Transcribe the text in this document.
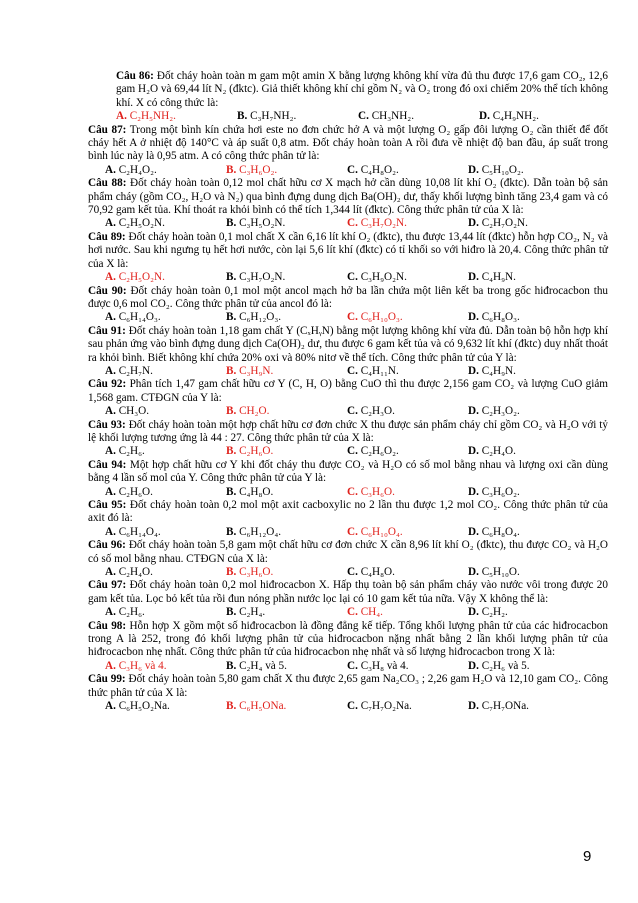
Câu 86: Đốt cháy hoàn toàn m gam một amin X bằng lượng không khí vừa đủ thu được 17,6 gam CO₂, 12,6 gam H₂O và 69,44 lít N₂ (đktc). Giả thiết không khí chỉ gồm N₂ và O₂ trong đó oxi chiếm 20% thể tích không khí. X có công thức là:

A. C₂H₅NH₂.	B. C₃H₇NH₂.	C. CH₃NH₂.	D. C₄H₉NH₂.

Câu 87: Trong một bình kín chứa hơi este no đơn chức hở A và một lượng O₂ gấp đôi lượng O₂ cần thiết để đốt cháy hết A ở nhiệt độ 140°C và áp suất 0,8 atm. Đốt cháy hoàn toàn A rồi đưa về nhiệt độ ban đầu, áp suất trong bình lúc này là 0,95 atm. A có công thức phân tử là:

A. C₂H₄O₂.	B. C₃H₆O₂.	C. C₄H₈O₂.	D. C₅H₁₀O₂.

Câu 88: Đốt cháy hoàn toàn 0,12 mol chất hữu cơ X mạch hở cần dùng 10,08 lít khí O₂ (đktc). Dẫn toàn bộ sản phẩm cháy (gồm CO₂, H₂O và N₂) qua bình đựng dung dịch Ba(OH)₂ dư, thấy khối lượng bình tăng 23,4 gam và có 70,92 gam kết tủa. Khí thoát ra khỏi bình có thể tích 1,344 lít (đktc). Công thức phân tử của X là:

A. C₂H₅O₂N.	B. C₃H₅O₂N.	C. C₃H₇O₂N.	D. C₂H₇O₂N.

Câu 89: Đốt cháy hoàn toàn 0,1 mol chất X cần 6,16 lít khí O₂ (đktc), thu được 13,44 lít (đktc) hỗn hợp CO₂, N₂ và hơi nước. Sau khi ngưng tụ hết hơi nước, còn lại 5,6 lít khí (đktc) có tỉ khối so với hiđro là 20,4. Công thức phân tử của X là:

A. C₂H₅O₂N.	B. C₃H₇O₂N.	C. C₃H₉O₂N.	D. C₄H₉N.

Câu 90: Đốt cháy hoàn toàn 0,1 mol một ancol mạch hở ba lần chứa một liên kết ba trong gốc hiđrocacbon thu được 0,6 mol CO₂. Công thức phân tử của ancol đó là:

A. C₆H₁₄O₃.	B. C₆H₁₂O₃.	C. C₆H₁₀O₃.	D. C₆H₈O₃.

Câu 91: Đốt cháy hoàn toàn 1,18 gam chất Y (CₓHᵧN) bằng một lượng không khí vừa đủ. Dẫn toàn bộ hỗn hợp khí sau phản ứng vào bình đựng dung dịch Ca(OH)₂ dư, thu được 6 gam kết tủa và có 9,632 lít khí (đktc) duy nhất thoát ra khỏi bình. Biết không khí chứa 20% oxi và 80% nitơ về thể tích. Công thức phân tử của Y là:

A. C₂H₇N.	B. C₃H₉N.	C. C₄H₁₁N.	D. C₄H₉N.

Câu 92: Phân tích 1,47 gam chất hữu cơ Y (C, H, O) bằng CuO thì thu được 2,156 gam CO₂ và lượng CuO giảm 1,568 gam. CTĐGN của Y là:

A. CH₃O.	B. CH₂O.	C. C₂H₃O.	D. C₂H₃O₂.

Câu 93: Đốt cháy hoàn toàn một hợp chất hữu cơ đơn chức X thu được sản phẩm cháy chỉ gồm CO₂ và H₂O với tỷ lệ khối lượng tương ứng là 44 : 27. Công thức phân tử của X là:

A. C₂H₆.	B. C₂H₆O.	C. C₂H₆O₂.	D. C₂H₄O.

Câu 94: Một hợp chất hữu cơ Y khi đốt cháy thu được CO₂ và H₂O có số mol bằng nhau và lượng oxi cần dùng bằng 4 lần số mol của Y. Công thức phân tử của Y là:

A. C₂H₆O.	B. C₄H₈O.	C. C₃H₆O.	D. C₃H₆O₂.

Câu 95: Đốt cháy hoàn toàn 0,2 mol một axit cacboxylic no 2 lần thu được 1,2 mol CO₂. Công thức phân tử của axit đó là:

A. C₆H₁₄O₄.	B. C₆H₁₂O₄.	C. C₆H₁₀O₄.	D. C₆H₈O₄.

Câu 96: Đốt cháy hoàn toàn 5,8 gam một chất hữu cơ đơn chức X cần 8,96 lít khí O₂ (đktc), thu được CO₂ và H₂O có số mol bằng nhau. CTĐGN của X là:

A. C₂H₄O.	B. C₃H₆O.	C. C₄H₈O.	D. C₅H₁₀O.

Câu 97: Đốt cháy hoàn toàn 0,2 mol hiđrocacbon X. Hấp thụ toàn bộ sản phẩm cháy vào nước vôi trong được 20 gam kết tủa. Lọc bỏ kết tủa rồi đun nóng phần nước lọc lại có 10 gam kết tủa nữa. Vậy X không thể là:

A. C₂H₆.	B. C₂H₄.	C. CH₄.	D. C₂H₂.

Câu 98: Hỗn hợp X gồm một số hiđrocacbon là đồng đẳng kế tiếp. Tổng khối lượng phân tử của các hiđrocacbon trong A là 252, trong đó khối lượng phân tử của hiđrocacbon nặng nhất bằng 2 lần khối lượng phân tử của hiđrocacbon nhẹ nhất. Công thức phân tử của hiđrocacbon nhẹ nhất và số lượng hiđrocacbon trong X là:

A. C₃H₆ và 4.	B. C₂H₄ và 5.	C. C₃H₈ và 4.	D. C₂H₆ và 5.

Câu 99: Đốt cháy hoàn toàn 5,80 gam chất X thu được 2,65 gam Na₂CO₃ ; 2,26 gam H₂O và 12,10 gam CO₂. Công thức phân tử của X là:

A. C₆H₅O₂Na.	B. C₆H₅ONa.	C. C₇H₇O₂Na.	D. C₇H₇ONa.
9
